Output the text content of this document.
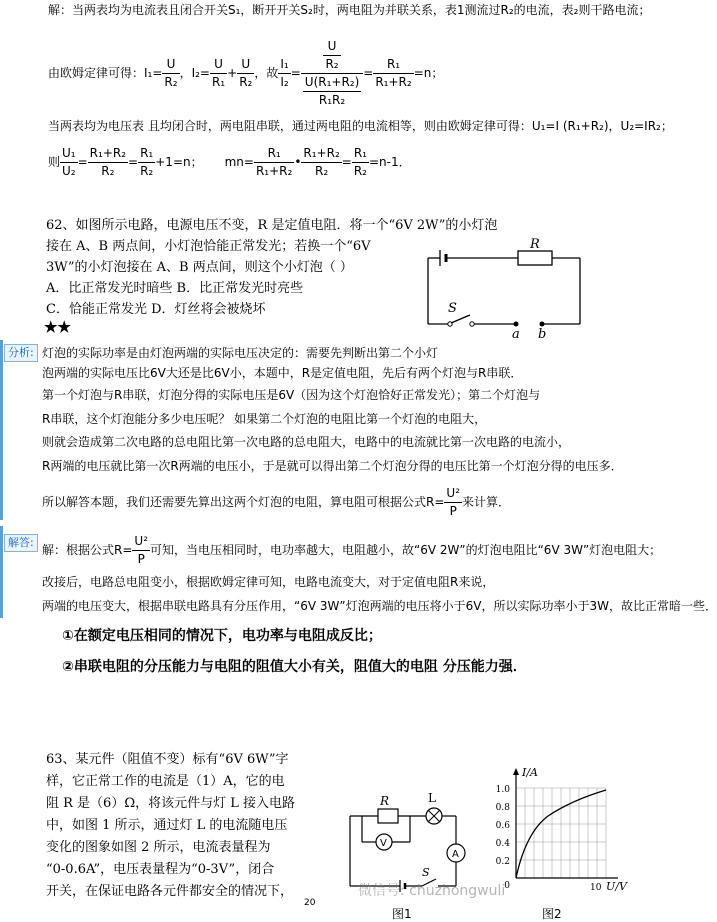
解：当两表均为电流表且闭合开关S₁，断开开关S₂时，两电阻为并联关系，表1测流过R₂的电流，表₂则干路电流；
由欧姆定律可得：$I_1= \frac{U}{\text{R₂}}$ ，$I_2= \frac{U}{\text{R₁}} + \frac{U}{\text{R₂}}$ ，故 $\frac{\text{I₁}}{\text{I₂}} = \frac{\frac{U}{\text{R₂}}}{\frac{\text{U(R₁+R₂)}}{\text{R₁R₂}}} = \frac{\text{R₁}}{\text{R₁+R₂}} =n$；
当两表均为电压表 且均闭合时，两电阻串联，通过两电阻的电流相等，则由欧姆定律可得：U₁=I (R₁+R₂)，U₂=IR₂；
则 $\frac{\text{U₁}}{\text{U₂}} = \frac{\text{R₁+R₂}}{\text{R₂}} = \frac{\text{R₁}}{\text{R₂}} +1=n$； $mn= \frac{\text{R₁}}{\text{R₁+R₂}}$ • $\frac{\text{R₁+R₂}}{\text{R₂}} = \frac{\text{R₁}}{\text{R₂}} =n-1$．
62、如图所示电路，电源电压不变，R 是定值电阻．将一个“6V 2W”的小灯泡
接在 A、B 两点间，小灯泡恰能正常发光；若换一个“6V
3W”的小灯泡接在 A、B 两点间，则这个小灯泡（ ）
A．比正常发光时暗些 B．比正常发光时亮些
C．恰能正常发光 D．灯丝将会被烧坏
★★
R
S
a b
分析: 灯泡的实际功率是由灯泡两端的实际电压决定的：需要先判断出第二个小灯
泡两端的实际电压比6V大还是比6V小，本题中，R是定值电阻，先后有两个灯泡与R串联．
第一个灯泡与R串联，灯泡分得的实际电压是6V（因为这个灯泡恰好正常发光）；第二个灯泡与
R串联，这个灯泡能分多少电压呢？ 如果第二个灯泡的电阻比第一个灯泡的电阻大，
则就会造成第二次电路的总电阻比第一次电路的总电阻大，电路中的电流就比第一次电路的电流小，
R两端的电压就比第一次R两端的电压小，于是就可以得出第二个灯泡分得的电压比第一个灯泡分得的电压多．
所以解答本题，我们还需要先算出这两个灯泡的电阻，算电阻可根据公式$R= \frac{\text{U²}}{P}$ 来计算．
解答: 解：根据公式$R= \frac{\text{U²}}{P}$ 可知，当电压相同时，电功率越大，电阻越小，故“6V 2W”的灯泡电阻比“6V 3W”灯泡电阻大；
改接后，电路总电阻变小，根据欧姆定律可知，电路电流变大，对于定值电阻R来说，
两端的电压变大，根据串联电路具有分压作用，“6V 3W”灯泡两端的电压将小于6V，所以实际功率小于3W，故比正常暗一些．
①在额定电压相同的情况下，电功率与电阻成反比；
②串联电阻的分压能力与电阻的阻值大小有关，阻值大的电阻 分压能力强．
63、某元件（阻值不变）标有“6V 6W”字
样，它正常工作的电流是（1）A，它的电
阻 R 是（6）Ω，将该元件与灯 L 接入电路
中，如图 1 所示，通过灯 L 的电流随电压
变化的图象如图 2 所示，电流表量程为
“0-0.6A”，电压表量程为“0-3V”，闭合
开关，在保证电路各元件都安全的情况下，
R
V
L
A
S
图1
I/A
1.0
0.8
0.6
0.4
0.2
0	10 U/V
图2
20
微信号: chuzhongwuli
